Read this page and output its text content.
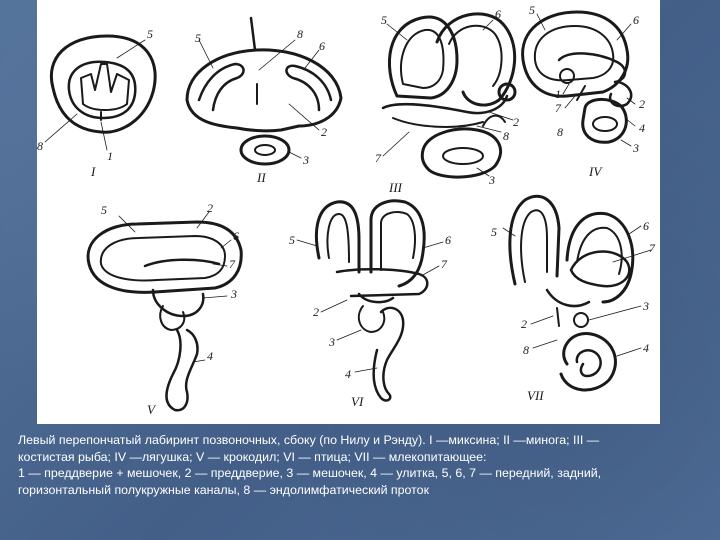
5
8
1
I
5	8
6
2
3
II
5	6
2
7
8
3
III
5
6
7
1
2
4
8
3
IV
5	2
6
7
3
4
V
5	6
7
2
3
4
VI
5	6
7
3
2
8	4
VII
Левый перепончатый лабиринт позвоночных, сбоку (по Нилу и Рэнду). I —миксина; II —минога; III —
костистая рыба; IV —лягушка; V — крокодил; VI — птица; VII — млекопитающее:
1 — преддверие + мешочек, 2 — преддверие, 3 — мешочек, 4 — улитка, 5, 6, 7 — передний, задний,
горизонтальный полукружные каналы, 8 — эндолимфатический проток
